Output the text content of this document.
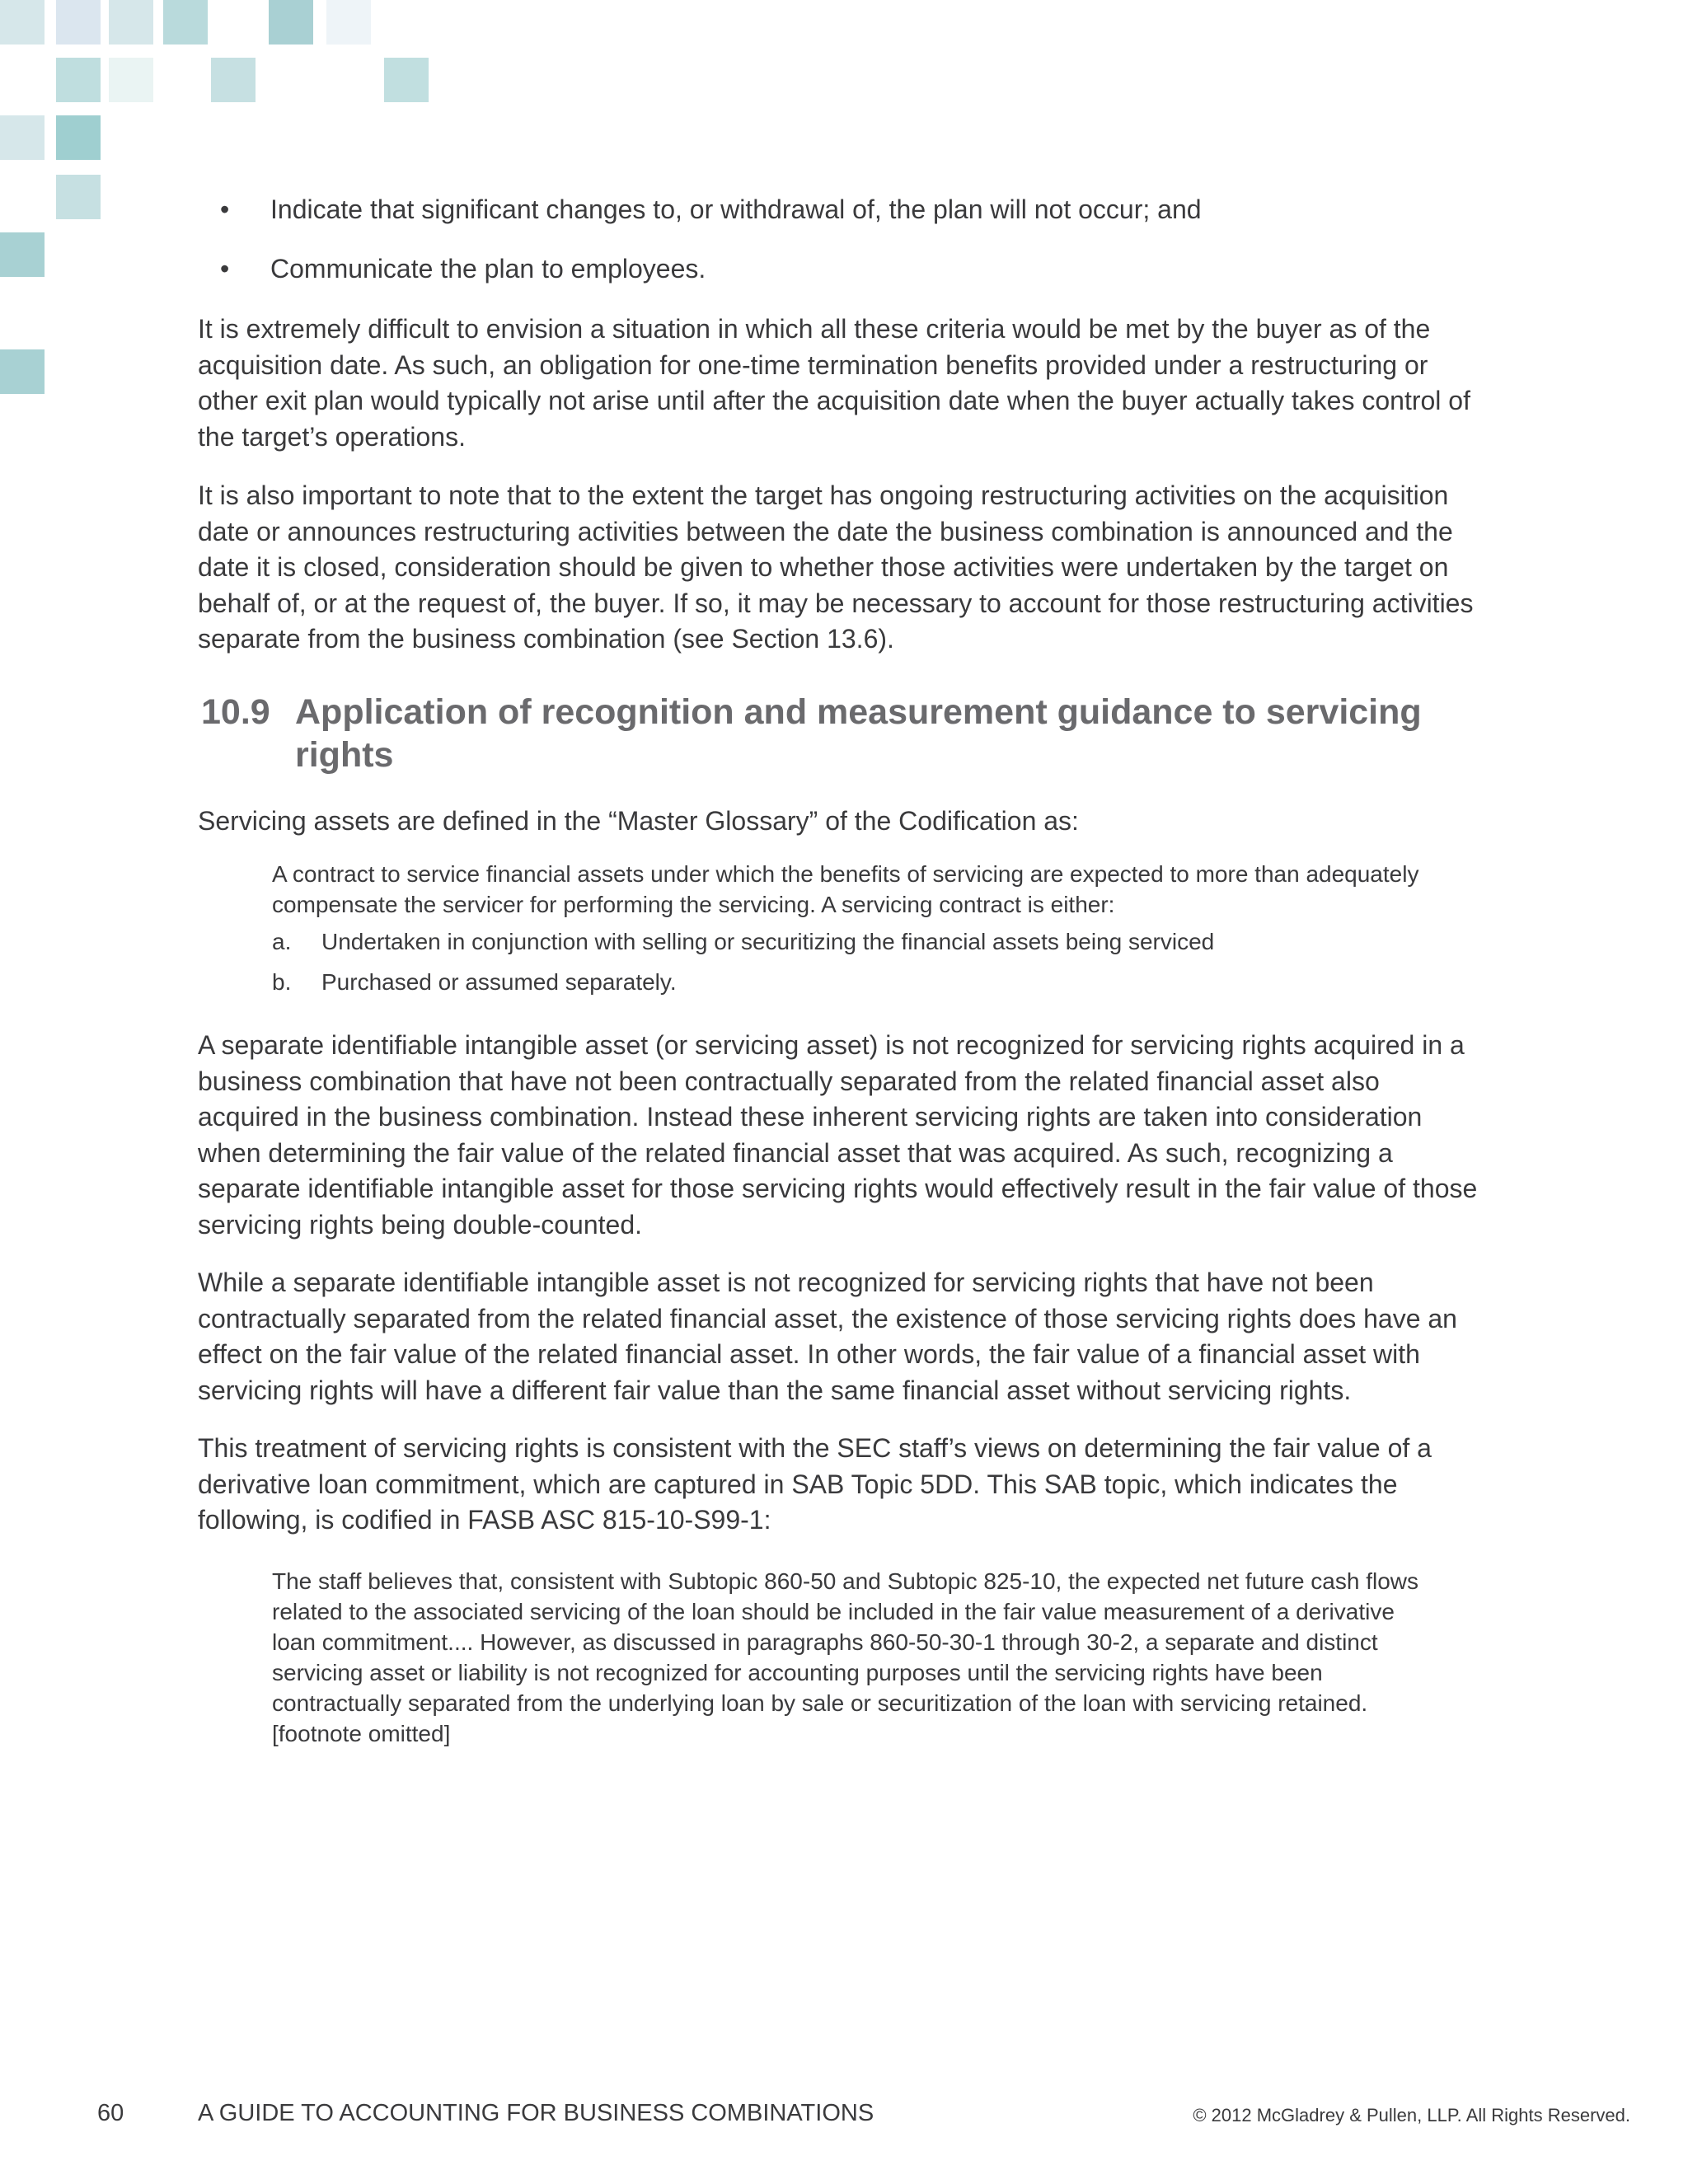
• Indicate that significant changes to, or withdrawal of, the plan will not occur; and
• Communicate the plan to employees.

It is extremely difficult to envision a situation in which all these criteria would be met by the buyer as of the acquisition date. As such, an obligation for one-time termination benefits provided under a restructuring or other exit plan would typically not arise until after the acquisition date when the buyer actually takes control of the target’s operations.

It is also important to note that to the extent the target has ongoing restructuring activities on the acquisition date or announces restructuring activities between the date the business combination is announced and the date it is closed, consideration should be given to whether those activities were undertaken by the target on behalf of, or at the request of, the buyer. If so, it may be necessary to account for those restructuring activities separate from the business combination (see Section 13.6).

10.9 Application of recognition and measurement guidance to servicing rights

Servicing assets are defined in the “Master Glossary” of the Codification as:

A contract to service financial assets under which the benefits of servicing are expected to more than adequately compensate the servicer for performing the servicing. A servicing contract is either:

a. Undertaken in conjunction with selling or securitizing the financial assets being serviced
b. Purchased or assumed separately.

A separate identifiable intangible asset (or servicing asset) is not recognized for servicing rights acquired in a business combination that have not been contractually separated from the related financial asset also acquired in the business combination. Instead these inherent servicing rights are taken into consideration when determining the fair value of the related financial asset that was acquired. As such, recognizing a separate identifiable intangible asset for those servicing rights would effectively result in the fair value of those servicing rights being double-counted.

While a separate identifiable intangible asset is not recognized for servicing rights that have not been contractually separated from the related financial asset, the existence of those servicing rights does have an effect on the fair value of the related financial asset. In other words, the fair value of a financial asset with servicing rights will have a different fair value than the same financial asset without servicing rights.

This treatment of servicing rights is consistent with the SEC staff’s views on determining the fair value of a derivative loan commitment, which are captured in SAB Topic 5DD. This SAB topic, which indicates the following, is codified in FASB ASC 815-10-S99-1:

The staff believes that, consistent with Subtopic 860-50 and Subtopic 825-10, the expected net future cash flows related to the associated servicing of the loan should be included in the fair value measurement of a derivative loan commitment.... However, as discussed in paragraphs 860-50-30-1 through 30-2, a separate and distinct servicing asset or liability is not recognized for accounting purposes until the servicing rights have been contractually separated from the underlying loan by sale or securitization of the loan with servicing retained. [footnote omitted]

60	A GUIDE TO ACCOUNTING FOR BUSINESS COMBINATIONS	© 2012 McGladrey & Pullen, LLP. All Rights Reserved.
